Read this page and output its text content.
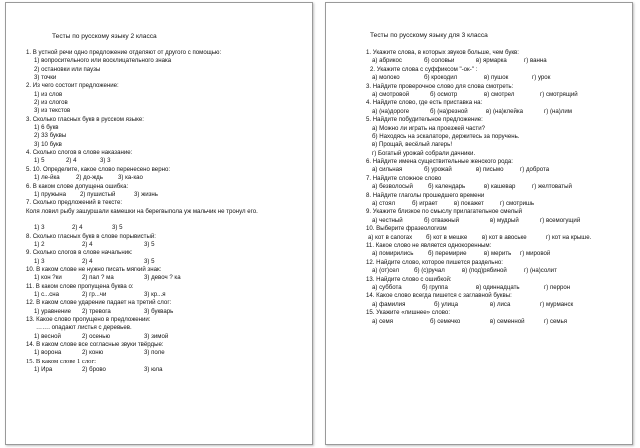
Тесты по русскому языку 2 класса
1. В устной речи одно предложение отделяют от другого с помощью:
1) вопросительного или восклицательного знака
2) остановки или паузы
3) точки
2. Из чего состоит предложение:
1) из слов
2) из слогов
3) из текстов
3. Сколько гласных букв в русском языке:
1) 6 букв
2) 33 буквы
3) 10 букв
4. Сколько слогов в слове наказание:
1) 5	2) 4	3) 3
5. 10. Определите, какое слово перенесено верно:
1) ле-йка	2) до-ждь 3) ка-као
6. В каком слове допущена ошибка:
1) пружына 2) пушистый	3) жизнь
7. Сколько предложений в тексте:
Коля ловил рыбу зашуршали камешки на берегвыпола уж мальчик не тронул его.
1) 3	2) 4	3) 5
8. Сколько гласных букв в слове порывистый:
1) 2	2) 4	3) 5
9. Сколько слогов в слове начальник:
1) 3	2) 4	3) 5
10. В каком слове не нужно писать мягкий знак:
1) кон ?ки	2) пал ? ма	3) девоч ? ка
11. В каком слове пропущена буква о:
1) с...сна	2) гр...чи	3) кр...я
12. В каком слове ударение падает на третий слог:
1) уравнение 2) тревога	3) букварь
13. Какое слово пропущено в предложении:
……. опадают листья с деревьев.
1) весной	2) осенью	3) зимой
14. В каком слове все согласные звуки твёрдые:
1) ворона	2) коню	3) поле
15. В каком слове 1 слог:
1) Ира	2) брово	3) юла
Тесты по русскому языку для 3 класса
1. Укажите слова, в которых звуков больше, чем букв:
а) абрикос	б) соловьи	в) ярмарка	г) ванна
2. Укажите слова с суффиксом "-ок-" :
а) молоко	б) крокодил	в) пушок	г) урок
3. Найдите проверочное слово для слова смотреть:
а) смотровой	б) осмотр	в) смотрел	г) смотрящий
4. Найдите слово, где есть приставка на:
а) (на)дороге	б) (на)резной	в) (на)клейка	г) (на)лим
5. Найдите побудительное предложение:
а) Можно ли играть на проезжей части?
б) Находясь на эскалаторе, держитесь за поручень.
в) Прощай, весёлый лагерь!
г) Богатый урожай собрали дачники.
6. Найдите имена существительные женского рода:
а) сильная	б) урожай	в) письмо	г) доброта
7. Найдите сложное слово
а) безволосый б) календарь	в) кашевар	г) желтоватый
8. Найдите глаголы прошедшего времени
а) стоял	б) играет	в) покажет	г) смотришь
9. Укажите близкое по смыслу прилагательное смелый
а) честный	б) отважный	в) мудрый	г) всемогущий
10. Выберите фразеологизм
а) кот в сапогах б) кот в мешке в) кот в авоське	г) кот на крыше.
11. Какое слово не является однокоренным:
а) помирились б) перемирие	в) мерить г) мировой
12. Найдите слово, которое пишется раздельно:
а) (от)сел б) (с)ручал	в) (под)рябиной	г) (на)солит
13. Найдите слово с ошибкой:
а) суббота	б) грyппа	в) одиннадцать	г) перрон
14. Какое слово всегда пишется с заглавной буквы:
а) фамилия	б) улица	в) лиса	г) мурманск
15. Укажите «лишнее» слово:
а) семя	б) семечко	в) семенной	г) семья
